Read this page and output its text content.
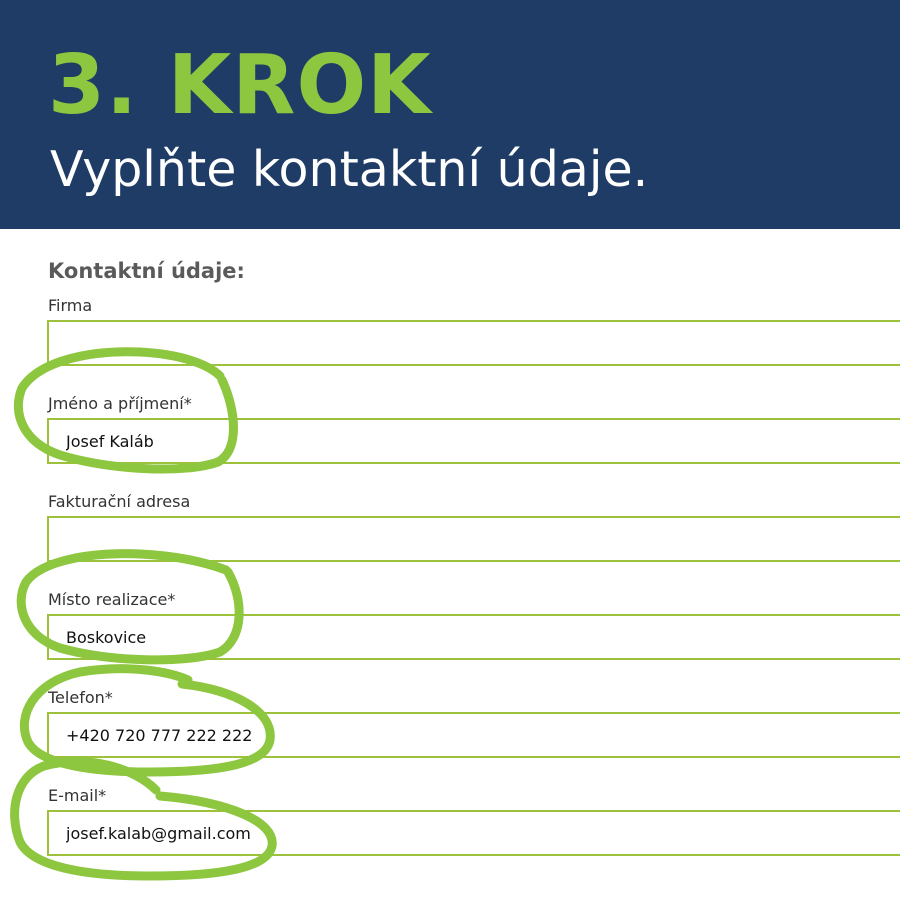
3. KROK
Vyplňte kontaktní údaje.
Kontaktní údaje:
Firma
Jméno a příjmení*
Josef Kaláb
Fakturační adresa
Místo realizace*
Boskovice
Telefon*
+420 720 777 222 222
E-mail*
josef.kalab@gmail.com
